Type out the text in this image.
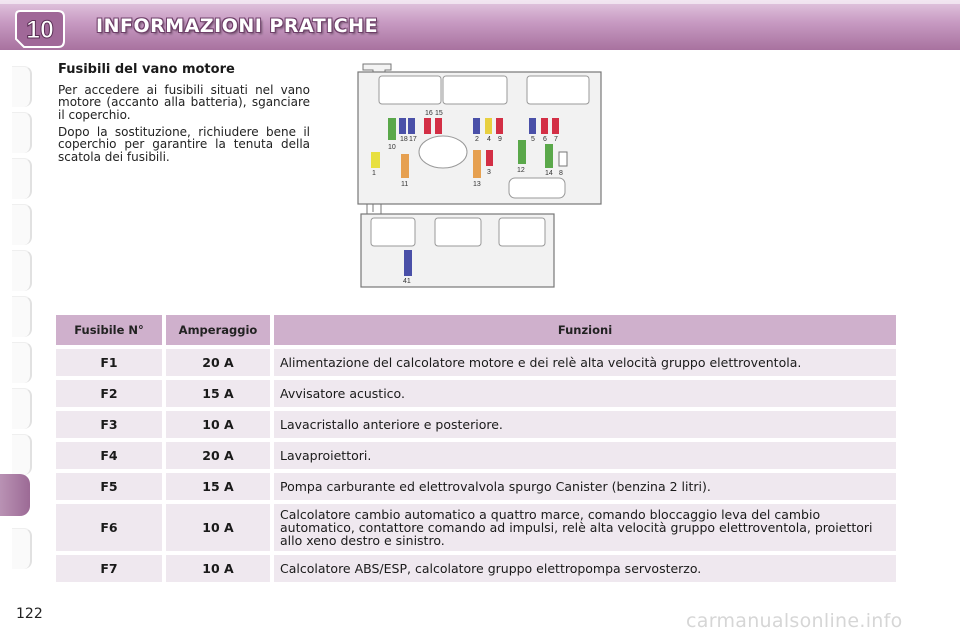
10 INFORMAZIONI PRATICHE
Fusibili del vano motore
Per accedere ai fusibili situati nel vano motore (accanto alla batteria), sganciare il coperchio.
Dopo la sostituzione, richiudere bene il coperchio per garantire la tenuta della scatola dei fusibili.
16 15
18 17
10
1
11
2 4 9
3
13
5 6 7
12	14 8
41
Fusibile N°	Amperaggio	Funzioni
F1	20 A	Alimentazione del calcolatore motore e dei relè alta velocità gruppo elettroventola.
F2	15 A	Avvisatore acustico.
F3	10 A	Lavacristallo anteriore e posteriore.
F4	20 A	Lavaproiettori.
F5	15 A	Pompa carburante ed elettrovalvola spurgo Canister (benzina 2 litri).
F6	10 A	Calcolatore cambio automatico a quattro marce, comando bloccaggio leva del cambio automatico, contattore comando ad impulsi, relè alta velocità gruppo elettroventola, proiettori allo xeno destro e sinistro.
F7	10 A	Calcolatore ABS/ESP, calcolatore gruppo elettropompa servosterzo.
122	carmanualsonline.info
